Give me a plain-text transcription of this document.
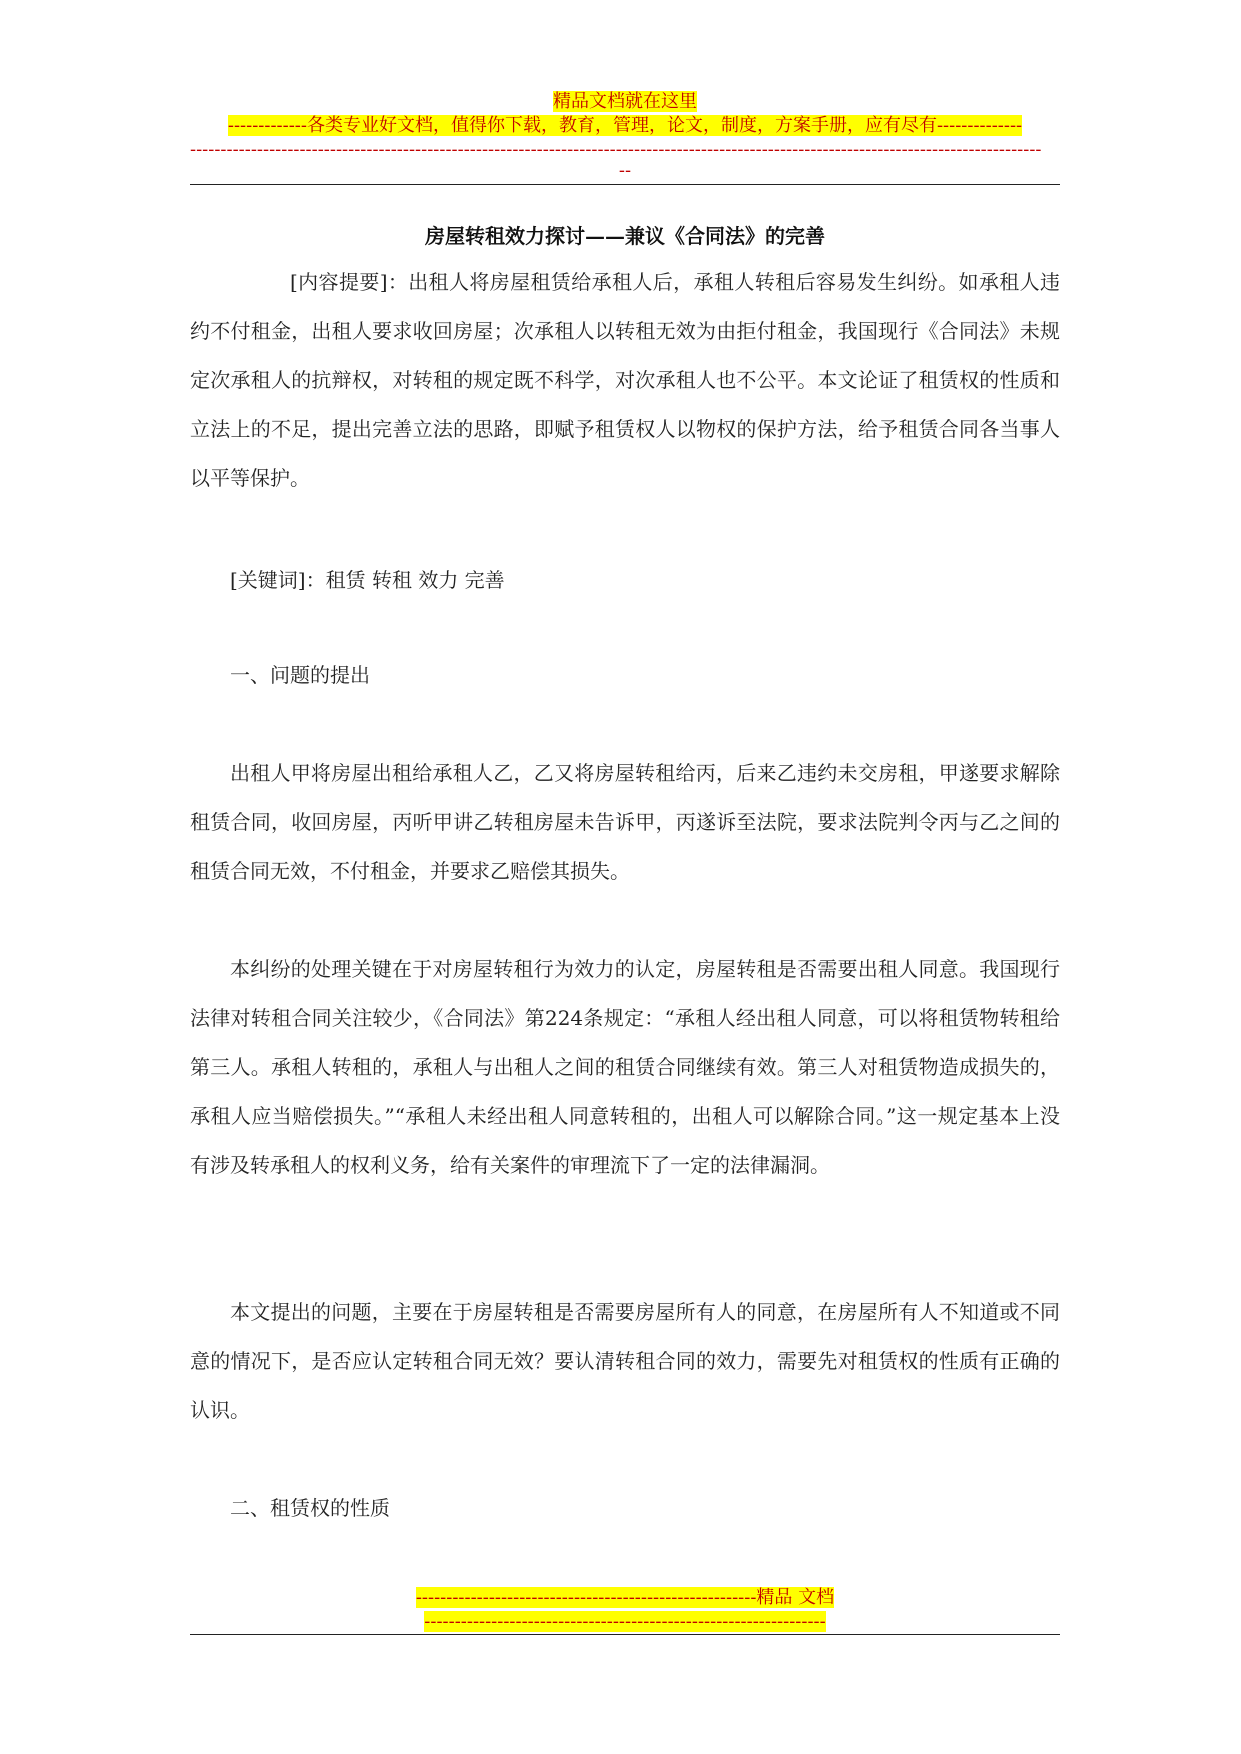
精品文档就在这里
-------------各类专业好文档，值得你下载，教育，管理，论文，制度，方案手册，应有尽有--------------
--------------------------------------------------------------------------------------------------------------------------------------------
--
房屋转租效力探讨——兼议《合同法》的完善
[内容提要]：出租人将房屋租赁给承租人后，承租人转租后容易发生纠纷。如承租人违约不付租金，出租人要求收回房屋；次承租人以转租无效为由拒付租金，我国现行《合同法》未规定次承租人的抗辩权，对转租的规定既不科学，对次承租人也不公平。本文论证了租赁权的性质和立法上的不足，提出完善立法的思路，即赋予租赁权人以物权的保护方法，给予租赁合同各当事人以平等保护。
[关键词]：租赁 转租 效力 完善
一、问题的提出
出租人甲将房屋出租给承租人乙，乙又将房屋转租给丙，后来乙违约未交房租，甲遂要求解除租赁合同，收回房屋，丙听甲讲乙转租房屋未告诉甲，丙遂诉至法院，要求法院判令丙与乙之间的租赁合同无效，不付租金，并要求乙赔偿其损失。
本纠纷的处理关键在于对房屋转租行为效力的认定，房屋转租是否需要出租人同意。我国现行法律对转租合同关注较少，《合同法》第224条规定：“承租人经出租人同意，可以将租赁物转租给第三人。承租人转租的，承租人与出租人之间的租赁合同继续有效。第三人对租赁物造成损失的，承租人应当赔偿损失。”“承租人未经出租人同意转租的，出租人可以解除合同。”这一规定基本上没有涉及转承租人的权利义务，给有关案件的审理流下了一定的法律漏洞。
本文提出的问题，主要在于房屋转租是否需要房屋所有人的同意，在房屋所有人不知道或不同意的情况下，是否应认定转租合同无效？要认清转租合同的效力，需要先对租赁权的性质有正确的认识。
二、租赁权的性质
--------------------------------------------------------精品 文档
------------------------------------------------------------------
